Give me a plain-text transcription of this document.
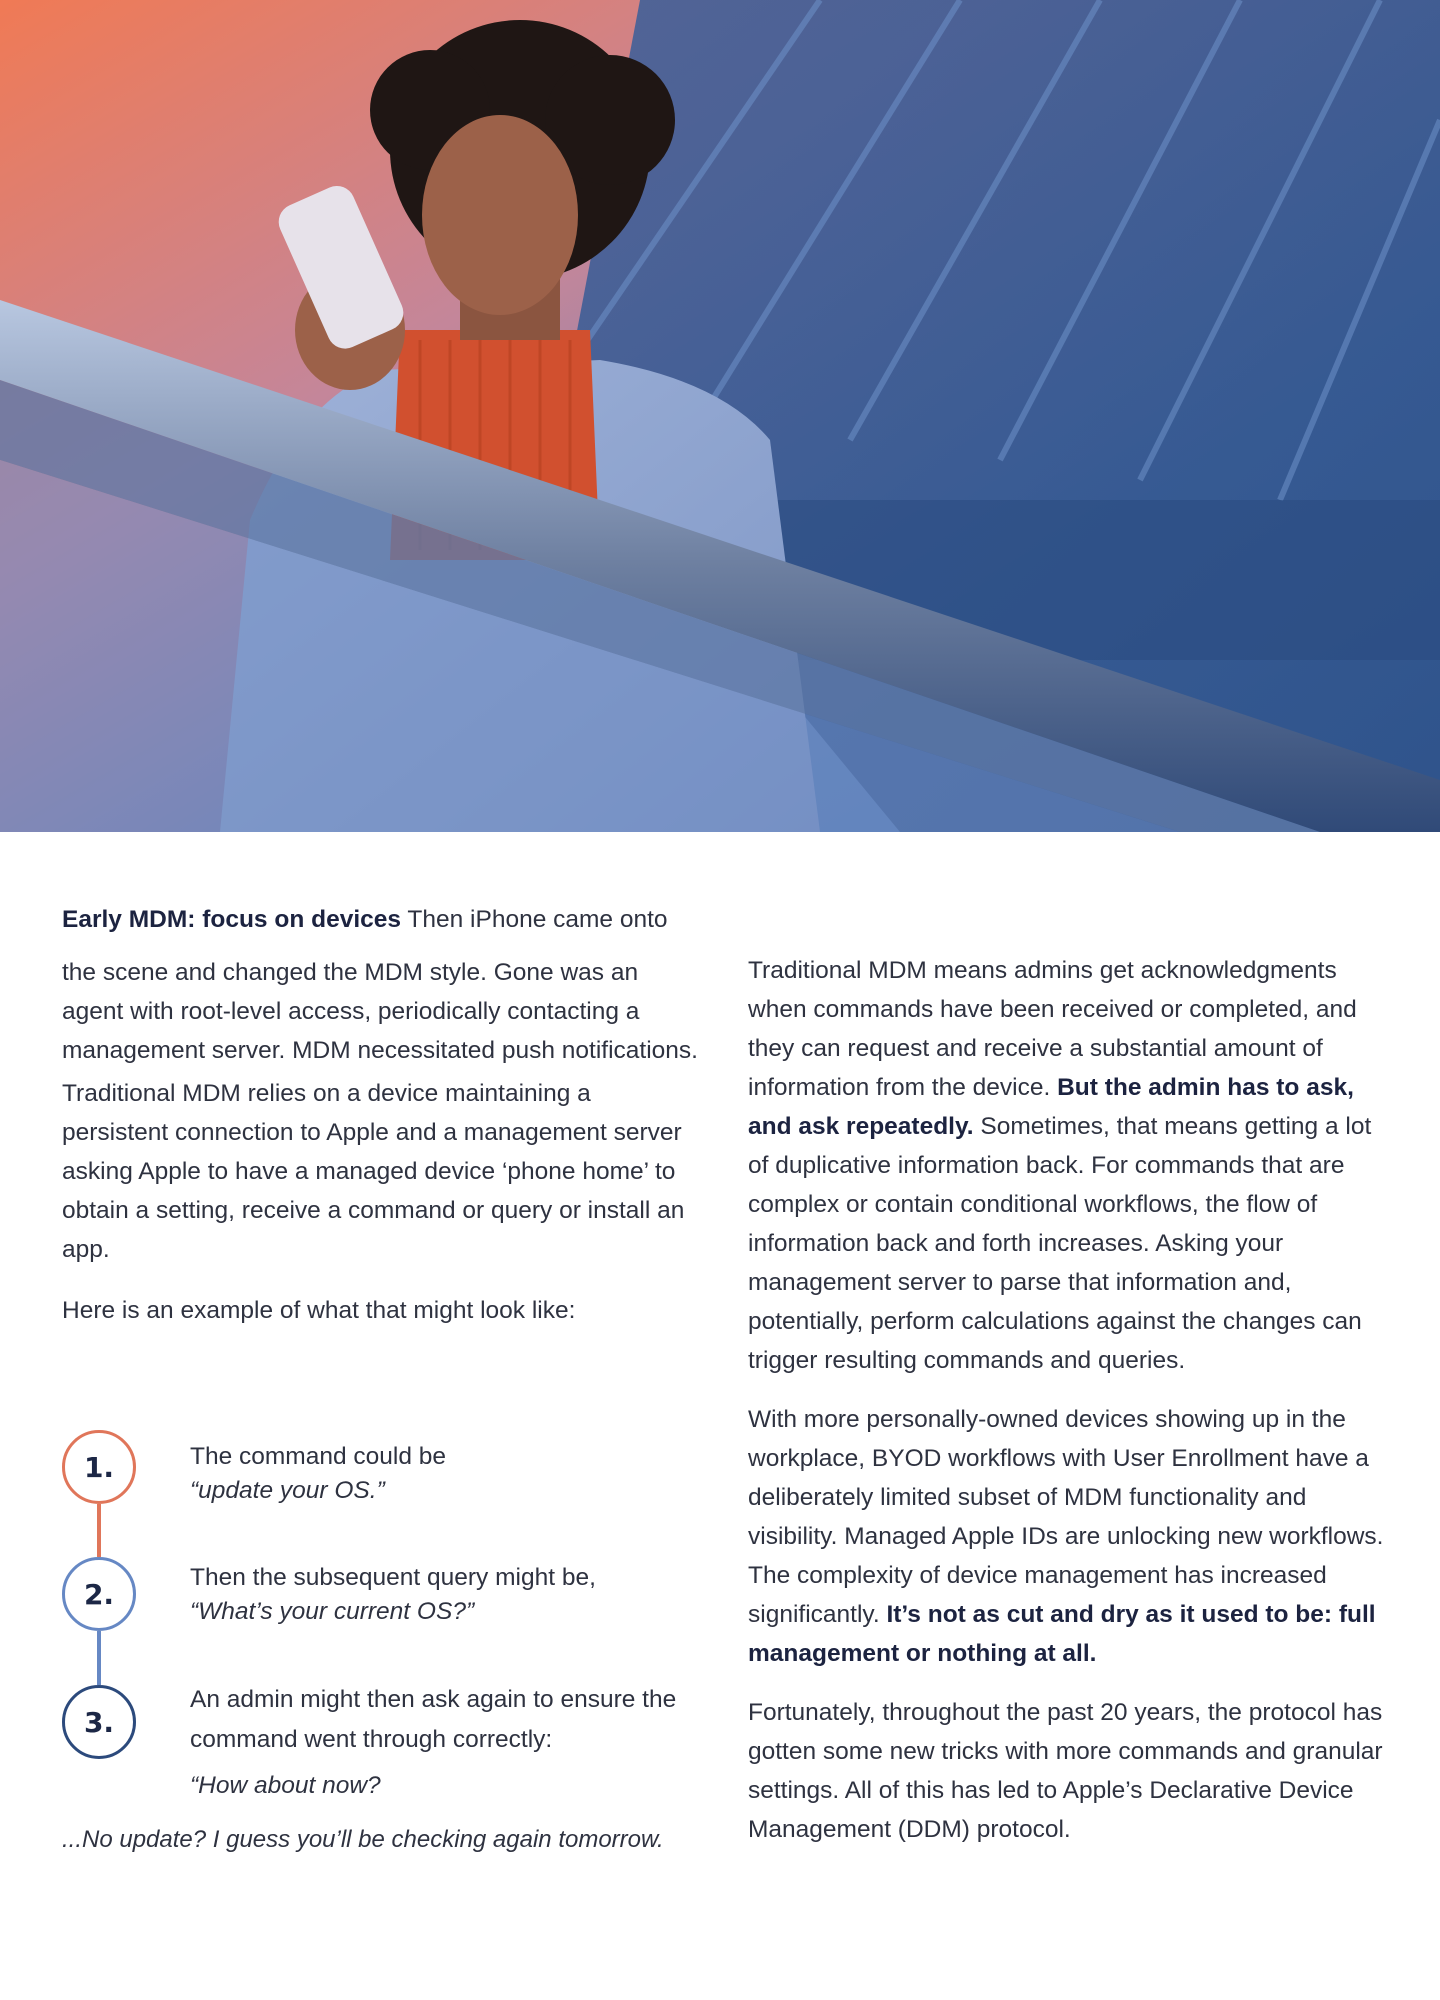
Early MDM: focus on devices Then iPhone came onto

the scene and changed the MDM style. Gone was an agent with root-level access, periodically contacting a management server. MDM necessitated push notifications.

Traditional MDM relies on a device maintaining a persistent connection to Apple and a management server asking Apple to have a managed device ‘phone home’ to obtain a setting, receive a command or query or install an app.

Here is an example of what that might look like:

1.
2.
3.
The command could be
“update your OS.”
Then the subsequent query might be,
“What’s your current OS?”
An admin might then ask again to ensure the command went through correctly:
“How about now?
...No update? I guess you’ll be checking again tomorrow.

Traditional MDM means admins get acknowledgments when commands have been received or completed, and they can request and receive a substantial amount of information from the device. But the admin has to ask, and ask repeatedly. Sometimes, that means getting a lot of duplicative information back. For commands that are complex or contain conditional workflows, the flow of information back and forth increases. Asking your management server to parse that information and, potentially, perform calculations against the changes can trigger resulting commands and queries.

With more personally-owned devices showing up in the workplace, BYOD workflows with User Enrollment have a deliberately limited subset of MDM functionality and visibility. Managed Apple IDs are unlocking new workflows. The complexity of device management has increased significantly. It’s not as cut and dry as it used to be: full management or nothing at all.

Fortunately, throughout the past 20 years, the protocol has gotten some new tricks with more commands and granular settings. All of this has led to Apple’s Declarative Device Management (DDM) protocol.
